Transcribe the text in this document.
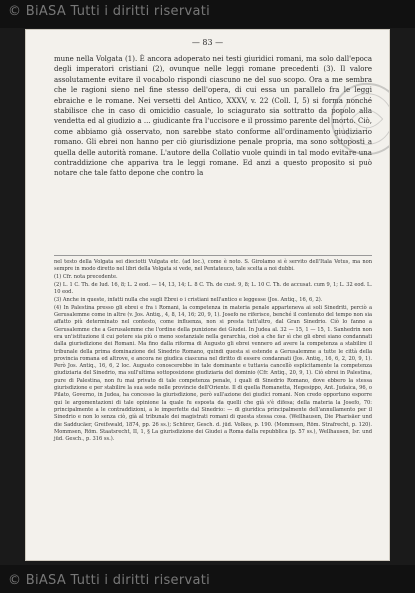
© BiASA Tutti i diritti riservati
— 83 —

mune nella Volgata (1). È ancora adoperato nei testi giuridici romani, ma solo dall'epoca degli imperatori cristiani (2), ovunque nelle leggi romane precedenti (3). Il valore assolutamente evitare il vocabolo rispondi ciascuno ne del suo scopo. Ora a me sembra che le ragioni sieno nel fine stesso dell'opera, di cui essa un parallelo fra le leggi ebraiche e le romane. Nei versetti del Antico, XXXV, v. 22 (Coll. I, 5) si forma nonché stabilisce che in caso di omicidio casuale, lo sciagurato sia sottratto da popolo alla vendetta ed al giudizio a ... giudicante fra l'uccisore e il prossimo parente del morto. Ciò, come abbiamo già osservato, non sarebbe stato conforme all'ordinamento giudiziario romano. Gli ebrei non hanno per ciò giurisdizione penale propria, ma sono sottoposti a quella delle autorità romane. L'autore della Collatio vuole quindi in tal modo evitare una contraddizione che appariva tra le leggi romane. Ed anzi a questo proposito si può notare che tale fatto depone che contro la

nel testo della Volgata sei dieciotti Vulgata etc. (ad loc.), come è noto. S. Girolamo si è servito dell'Itala Vetus, ma non sempre in modo diretto nel libri della Volgata si vede, nel Pentateuco, tale scelta a noi dubbi.
(1) Cfr. nota precedente.
(2) L. 1 C. Th. de Iud. 16, 8; L. 2 eod. — 14, 13, 14; L. 8 C. Th. de cust. 9, 8; L. 10 C. Th. de accusat. cum 9, 1; L. 32 eod. L. 10 eod.
(3) Anche in queste, infatti nulla che sugli Ebrei o i cristiani nell'antico e leggesse (Jos. Antiq., 16, 6, 2).
(4) In Palestina presso gli ebrei e fra i Romani, la competenza in materia penale apparteneva ai soli Sinedriti, perciò a Gerusalemme come in altre (v. Jos. Antiq., 4, 8, 14, 16; 20, 9, 1). Josefo ne riferisce, benché il contenuto del tempo non sia affatto più determinato nel contesto, come influenza, non si presta tutt'altro, dal Gran Sinedrio. Ciò lo fanno a Gerusalemme che a Gerusalemme che l'ordine della punizione dei Giudei. In Judea al. 32 — 15, 1 — 15, 1. Sanhedrin non era un'istituzione il cui potere sia più o meno sostanziale nella gerarchia, cioè a che far sì che gli ebrei siano condannati dalla giurisdizione dei Romani. Ma fino dalla riforma di Augusto gli ebrei vennero ad avere la competenza a stabilire il tribunale della prima dominazione del Sinedrio Romano, quindi questa si estende a Gerusalemme a tutte le città della provincia romana ed altrove, e ancora ne giudica ciascuna nel diritto di essere condannati (Jos. Antiq., 16, 6, 2, 20, 9, 1). Però Jos. Antiq., 16, 6, 2 loc. Augusto conoscerebbe in tale dominante e tuttavia cancellò esplicitamente la competenza giudiziaria del Sinedrio, ma sull'ultima sottoposizione giudiziaria del dominio (Cfr. Antiq., 20, 9, 1). Ciò ebrei in Palestina, pure di Palestina, non fu mai privato di tale competenza penale, i quali di Sinedrio Romano, dove ebbero la stessa giurisdizione e per stabilire la sua sede nelle provincie dell'Oriente. Il di quella Romanetta, Hegesippo, Ant. Judaica, 96, o Pilato, Governo, in Judea, ha concesso la giurisdizione, però sull'azione dei giudici romani. Non credo opportuno esporre qui le argomentazioni di tale opinione la quale fu esposta da quelli che già s'è difesa; della materia la Josefo, 70: principalmente a le contraddizioni, a le imperfette dal Sinedrio: — di giuridica principalmente dell'annullamento per il Sinedrio e non lo senza ciò, già al tribunale dei magistrati romani di questa stessa cosa. (Wellhausen, Die Pharisäer und die Sadducäer, Greifswald, 1874, pp. 26 ss.); Schürer, Gesch. d. jüd. Volkes, p. 190. (Mommsen, Röm. Strafrecht, p. 120). Mommsen, Röm. Staatsrecht, II, 1, § La giurisdizione dei Giudei a Roma dalla repubblica (p. 57 ss.), Wellhausen, Isr. und jüd. Gesch., p. 316 ss.).
© BiASA Tutti i diritti riservati
